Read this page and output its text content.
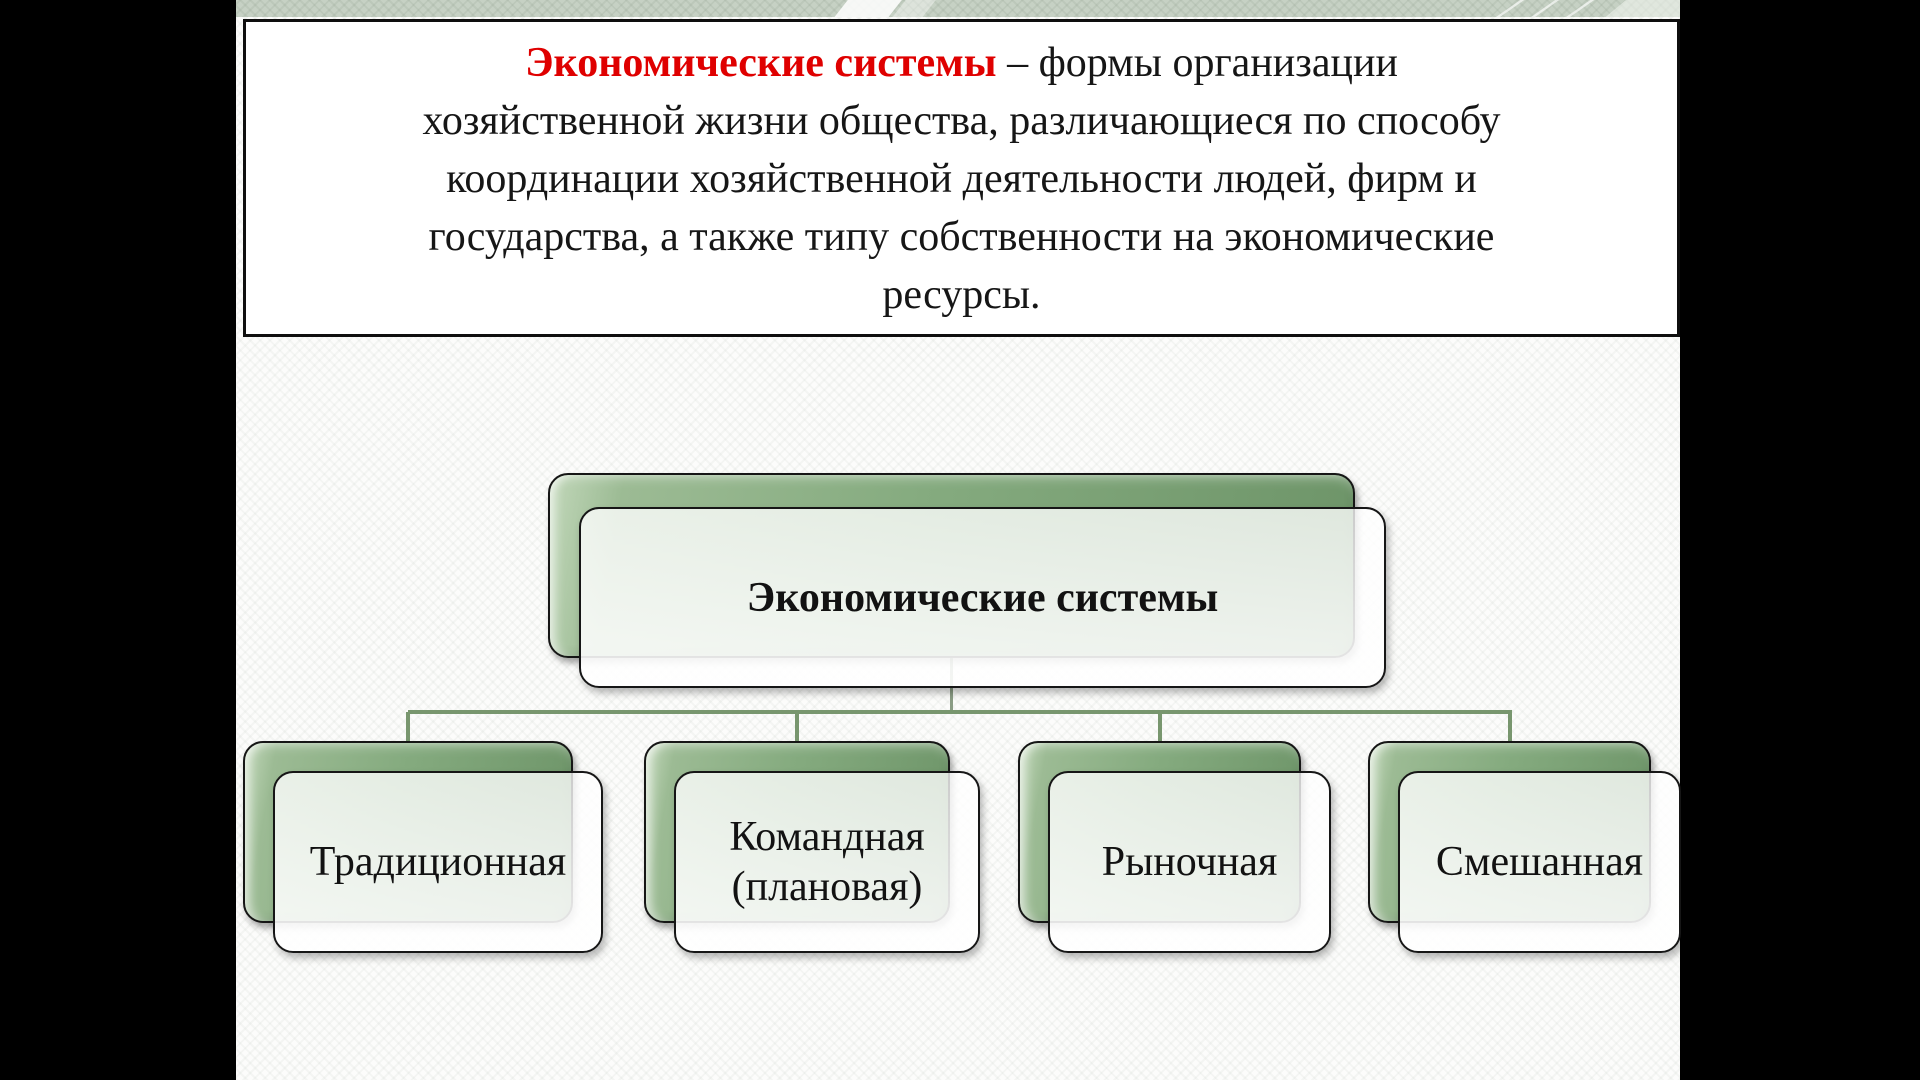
Экономические системы – формы организации

хозяйственной жизни общества, различающиеся по способу

координации хозяйственной деятельности людей, фирм и

государства, а также типу собственности на экономические

ресурсы.

Экономические системы
Традиционная
Командная
(плановая)
Рыночная	Смешанная
